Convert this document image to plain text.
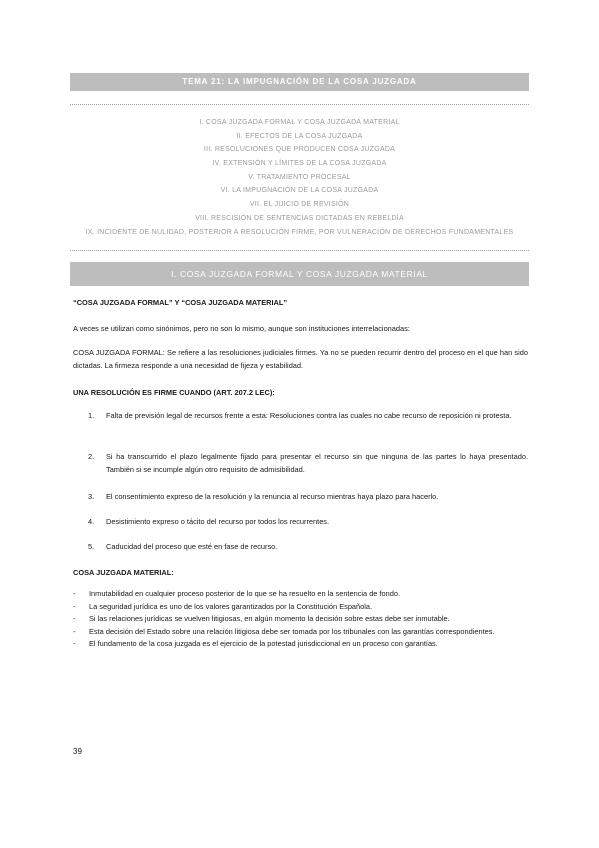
TEMA 21: LA IMPUGNACIÓN DE LA COSA JUZGADA
I. COSA JUZGADA FORMAL Y COSA JUZGADA MATERIAL
II. EFECTOS DE LA COSA JUZGADA
III. RESOLUCIONES QUE PRODUCEN COSA JUZGADA
IV. EXTENSIÓN Y LÍMITES DE LA COSA JUZGADA
V. TRATAMIENTO PROCESAL
VI. LA IMPUGNACIÓN DE LA COSA JUZGADA
VII. EL JUICIO DE REVISIÓN
VIII. RESCISIÓN DE SENTENCIAS DICTADAS EN REBELDÍA
IX. INCIDENTE DE NULIDAD, POSTERIOR A RESOLUCIÓN FIRME, POR VULNERACIÓN DE DERECHOS FUNDAMENTALES
I. COSA JUZGADA FORMAL Y COSA JUZGADA MATERIAL

“COSA JUZGADA FORMAL” Y “COSA JUZGADA MATERIAL”

A veces se utilizan como sinónimos, pero no son lo mismo, aunque son instituciones interrelacionadas:

COSA JUZGADA FORMAL: Se refiere a las resoluciones judiciales firmes. Ya no se pueden recurrir dentro del proceso en el que han sido dictadas. La firmeza responde a una necesidad de fijeza y estabilidad.

UNA RESOLUCIÓN ES FIRME CUANDO (ART. 207.2 LEC):

1. Falta de previsión legal de recursos frente a esta: Resoluciones contra las cuales no cabe recurso de reposición ni protesta.
2. Si ha transcurrido el plazo legalmente fijado para presentar el recurso sin que ninguna de las partes lo haya presentado. También si se incumple algún otro requisito de admisibilidad.
3. El consentimiento expreso de la resolución y la renuncia al recurso mientras haya plazo para hacerlo.
4. Desistimiento expreso o tácito del recurso por todos los recurrentes.
5. Caducidad del proceso que esté en fase de recurso.

COSA JUZGADA MATERIAL:

- Inmutabilidad en cualquier proceso posterior de lo que se ha resuelto en la sentencia de fondo.
- La seguridad jurídica es uno de los valores garantizados por la Constitución Española.
- Si las relaciones jurídicas se vuelven litigiosas, en algún momento la decisión sobre estas debe ser inmutable.
- Esta decisión del Estado sobre una relación litigiosa debe ser tomada por los tribunales con las garantías correspondientes.
- El fundamento de la cosa juzgada es el ejercicio de la potestad jurisdiccional en un proceso con garantías.
39
